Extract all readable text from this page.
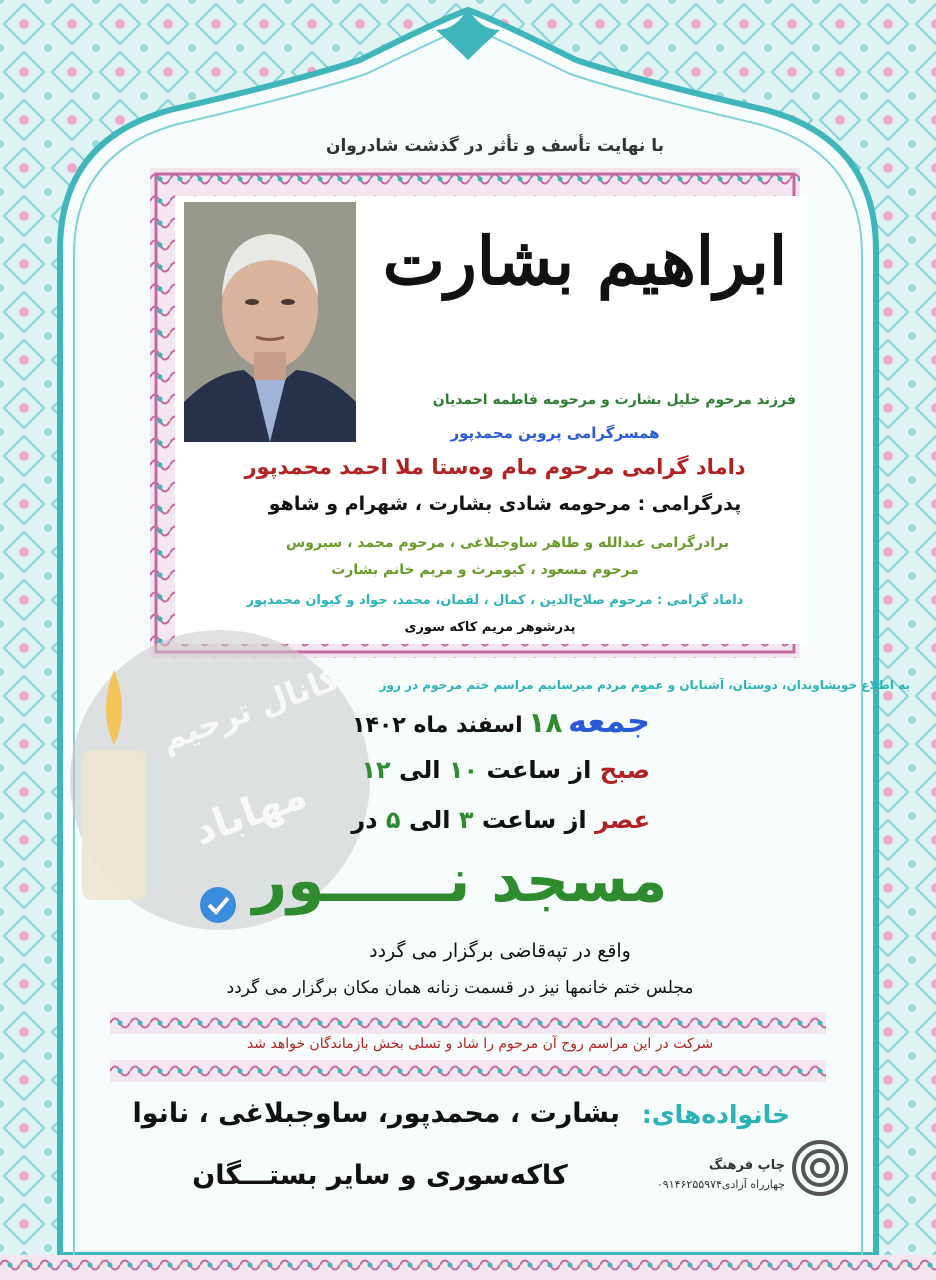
با نهایت تأسف و تأثر در گذشت شادروان
ابراهیم بشارت
فرزند مرحوم خلیل بشارت و مرحومه فاطمه احمدیان
همسرگرامی پروین محمدپور
داماد گرامی مرحوم مام وەستا ملا احمد محمدپور
پدرگرامی : مرحومه شادی بشارت ، شهرام و شاهو
برادرگرامی عبدالله و طاهر ساوجبلاغی ، مرحوم محمد ، سیروس
مرحوم مسعود ، کیومرث و مریم خانم بشارت
داماد گرامی : مرحوم صلاح‌الدین ، کمال ، لقمان، محمد، جواد و کیوان محمدپور
پدرشوهر مریم کاکه سوری
کانال ترحیم
مهاباد
به اطلاع خویشاوندان، دوستان، آشنایان و عموم مردم میرسانیم مراسم ختم مرحوم در روز
جمعه ۱۸ اسفند ماه ۱۴۰۲
صبح از ساعت ۱۰ الی ۱۲
عصر از ساعت ۳ الی ۵ در
مسجد نــــــور
واقع در تپه‌قاضی برگزار می گردد
مجلس ختم خانمها نیز در قسمت زنانه همان مکان برگزار می گردد
شرکت در این مراسم روح آن مرحوم را شاد و تسلی بخش بازماندگان خواهد شد
خانواده‌های:
بشارت ، محمدپور، ساوجبلاغی ، نانوا
کاکه‌سوری و سایر بستـــگان	چاپ فرهنگ
چهارراه آزادی۰۹۱۴۶۲۵۵۹۷۴
